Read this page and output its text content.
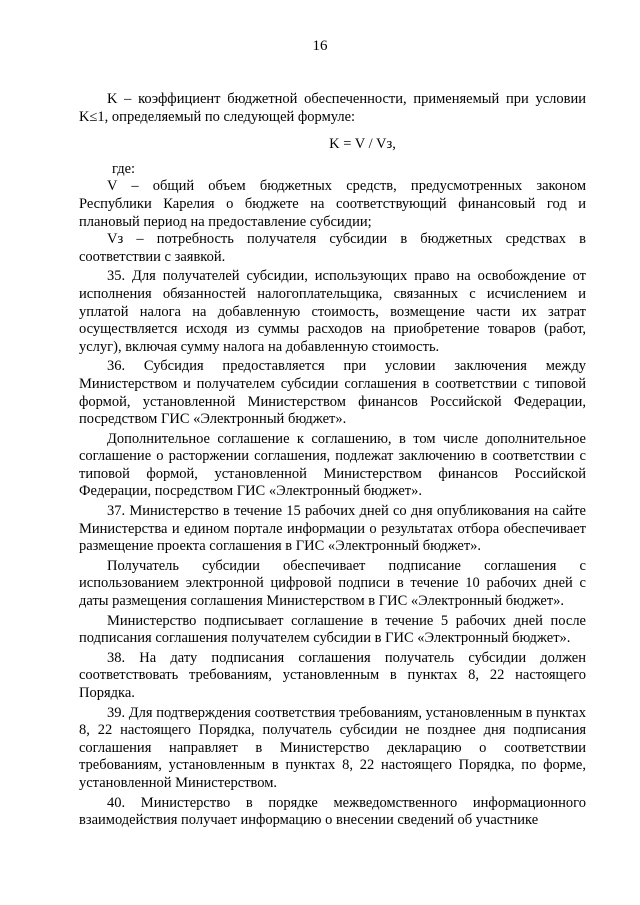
16

K – коэффициент бюджетной обеспеченности, применяемый при условии K≤1, определяемый по следующей формуле:

K = V / Vз,

где:

V – общий объем бюджетных средств, предусмотренных законом Республики Карелия о бюджете на соответствующий финансовый год и плановый период на предоставление субсидии;

Vз – потребность получателя субсидии в бюджетных средствах в соответствии с заявкой.

35. Для получателей субсидии, использующих право на освобождение от исполнения обязанностей налогоплательщика, связанных с исчислением и уплатой налога на добавленную стоимость, возмещение части их затрат осуществляется исходя из суммы расходов на приобретение товаров (работ, услуг), включая сумму налога на добавленную стоимость.

36. Субсидия предоставляется при условии заключения между Министерством и получателем субсидии соглашения в соответствии с типовой формой, установленной Министерством финансов Российской Федерации, посредством ГИС «Электронный бюджет».

Дополнительное соглашение к соглашению, в том числе дополнительное соглашение о расторжении соглашения, подлежат заключению в соответствии с типовой формой, установленной Министерством финансов Российской Федерации, посредством ГИС «Электронный бюджет».

37. Министерство в течение 15 рабочих дней со дня опубликования на сайте Министерства и едином портале информации о результатах отбора обеспечивает размещение проекта соглашения в ГИС «Электронный бюджет».

Получатель субсидии обеспечивает подписание соглашения с использованием электронной цифровой подписи в течение 10 рабочих дней с даты размещения соглашения Министерством в ГИС «Электронный бюджет».

Министерство подписывает соглашение в течение 5 рабочих дней после подписания соглашения получателем субсидии в ГИС «Электронный бюджет».

38. На дату подписания соглашения получатель субсидии должен соответствовать требованиям, установленным в пунктах 8, 22 настоящего Порядка.

39. Для подтверждения соответствия требованиям, установленным в пунктах 8, 22 настоящего Порядка, получатель субсидии не позднее дня подписания соглашения направляет в Министерство декларацию о соответствии требованиям, установленным в пунктах 8, 22 настоящего Порядка, по форме, установленной Министерством.

40. Министерство в порядке межведомственного информационного взаимодействия получает информацию о внесении сведений об участнике
